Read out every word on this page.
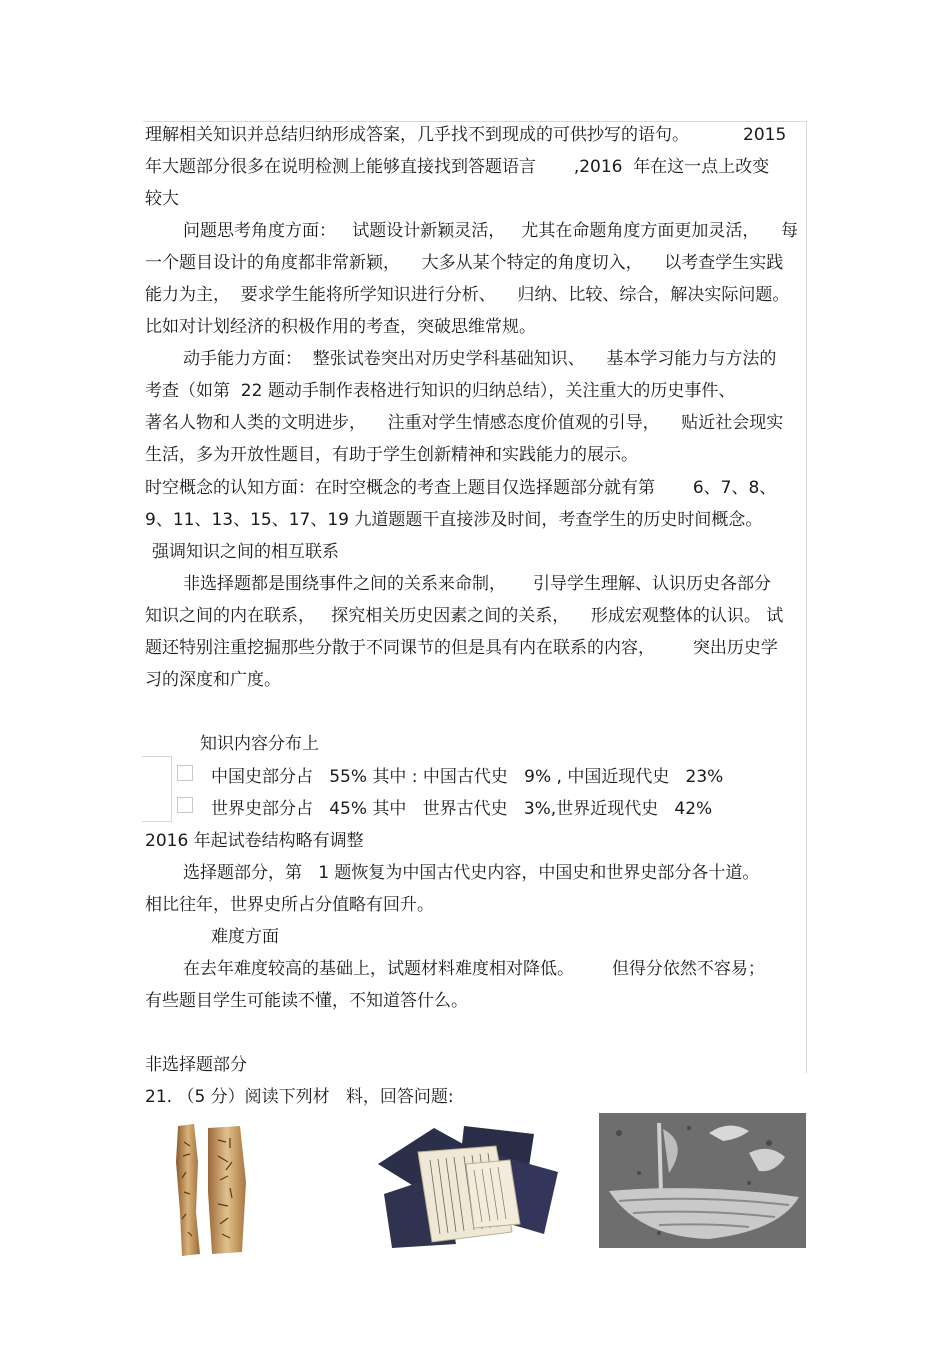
理解相关知识并总结归纳形成答案，几乎找不到现成的可供抄写的语句。          2015
年大题部分很多在说明检测上能够直接找到答题语言       ,2016  年在这一点上改变
较大
问题思考角度方面：   试题设计新颖灵活，   尤其在命题角度方面更加灵活，    每
一个题目设计的角度都非常新颖，    大多从某个特定的角度切入，    以考查学生实践
能力为主，  要求学生能将所学知识进行分析、    归纳、比较、综合，解决实际问题。
比如对计划经济的积极作用的考查，突破思维常规。
动手能力方面：  整张试卷突出对历史学科基础知识、    基本学习能力与方法的
考查（如第  22 题动手制作表格进行知识的归纳总结），关注重大的历史事件、
著名人物和人类的文明进步，    注重对学生情感态度价值观的引导，    贴近社会现实
生活，多为开放性题目，有助于学生创新精神和实践能力的展示。
时空概念的认知方面：在时空概念的考查上题目仅选择题部分就有第       6、7、8、
9、11、13、15、17、19 九道题题干直接涉及时间，考查学生的历史时间概念。
强调知识之间的相互联系
非选择题都是围绕事件之间的关系来命制，     引导学生理解、认识历史各部分
知识之间的内在联系，   探究相关历史因素之间的关系，    形成宏观整体的认识。 试
题还特别注重挖掘那些分散于不同课节的但是具有内在联系的内容，       突出历史学
习的深度和广度。
知识内容分布上
中国史部分占   55% 其中 : 中国古代史   9% , 中国近现代史   23%
世界史部分占   45% 其中   世界古代史   3%,世界近现代史   42%
2016 年起试卷结构略有调整
选择题部分，第   1 题恢复为中国古代史内容，中国史和世界史部分各十道。
相比往年，世界史所占分值略有回升。
难度方面
在去年难度较高的基础上，试题材料难度相对降低。       但得分依然不容易；
有些题目学生可能读不懂，不知道答什么。
非选择题部分
21. （5 分）阅读下列材   料，回答问题:
